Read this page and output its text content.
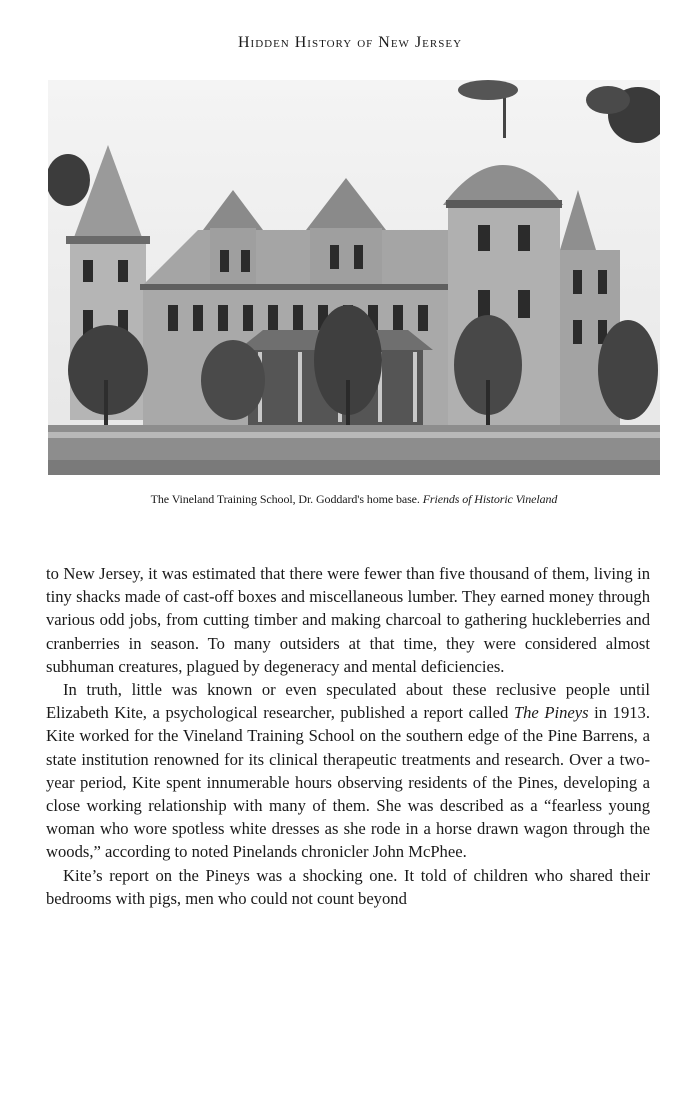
Hidden History of New Jersey
The Vineland Training School, Dr. Goddard's home base. Friends of Historic Vineland

to New Jersey, it was estimated that there were fewer than five thousand of them, living in tiny shacks made of cast-off boxes and miscellaneous lumber. They earned money through various odd jobs, from cutting timber and making charcoal to gathering huckleberries and cranberries in season. To many outsiders at that time, they were considered almost subhuman creatures, plagued by degeneracy and mental deficiencies.

In truth, little was known or even speculated about these reclusive people until Elizabeth Kite, a psychological researcher, published a report called The Pineys in 1913. Kite worked for the Vineland Training School on the southern edge of the Pine Barrens, a state institution renowned for its clinical therapeutic treatments and research. Over a two-year period, Kite spent innumerable hours observing residents of the Pines, developing a close working relationship with many of them. She was described as a “fearless young woman who wore spotless white dresses as she rode in a horse drawn wagon through the woods,” according to noted Pinelands chronicler John McPhee.

Kite’s report on the Pineys was a shocking one. It told of children who shared their bedrooms with pigs, men who could not count beyond
